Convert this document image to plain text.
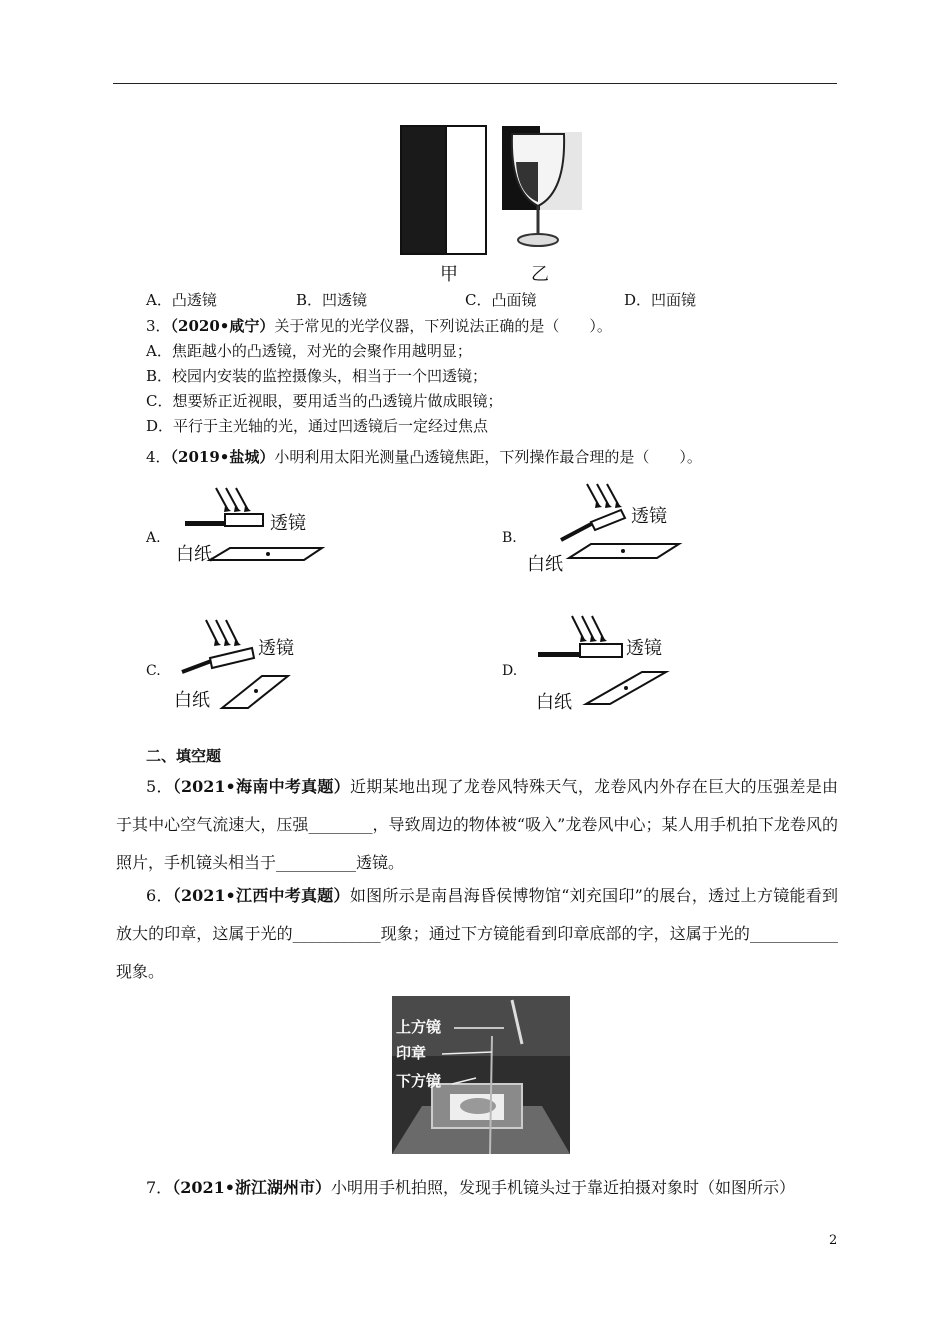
甲	乙
A．凸透镜	B．凹透镜	C．凸面镜	D．凹面镜
3．（2020•咸宁）关于常见的光学仪器，下列说法正确的是（　　）。
A．焦距越小的凸透镜，对光的会聚作用越明显；
B．校园内安装的监控摄像头，相当于一个凹透镜；
C．想要矫正近视眼，要用适当的凸透镜片做成眼镜；
D．平行于主光轴的光，通过凹透镜后一定经过焦点
4．（2019•盐城）小明利用太阳光测量凸透镜焦距，下列操作最合理的是（　　）。
A.
透镜
白纸
B.
透镜
白纸
C.
透镜
白纸
D.
透镜
白纸
二、填空题
5．（2021•海南中考真题）近期某地出现了龙卷风特殊天气，龙卷风内外存在巨大的压强差是由于其中心空气流速大，压强________，导致周边的物体被“吸入”龙卷风中心；某人用手机拍下龙卷风的照片，手机镜头相当于__________透镜。
6．（2021•江西中考真题）如图所示是南昌海昏侯博物馆“刘充国印”的展台，透过上方镜能看到放大的印章，这属于光的___________现象；通过下方镜能看到印章底部的字，这属于光的___________现象。
上方镜
印章
下方镜
7．（2021•浙江湖州市）小明用手机拍照，发现手机镜头过于靠近拍摄对象时（如图所示）
2
